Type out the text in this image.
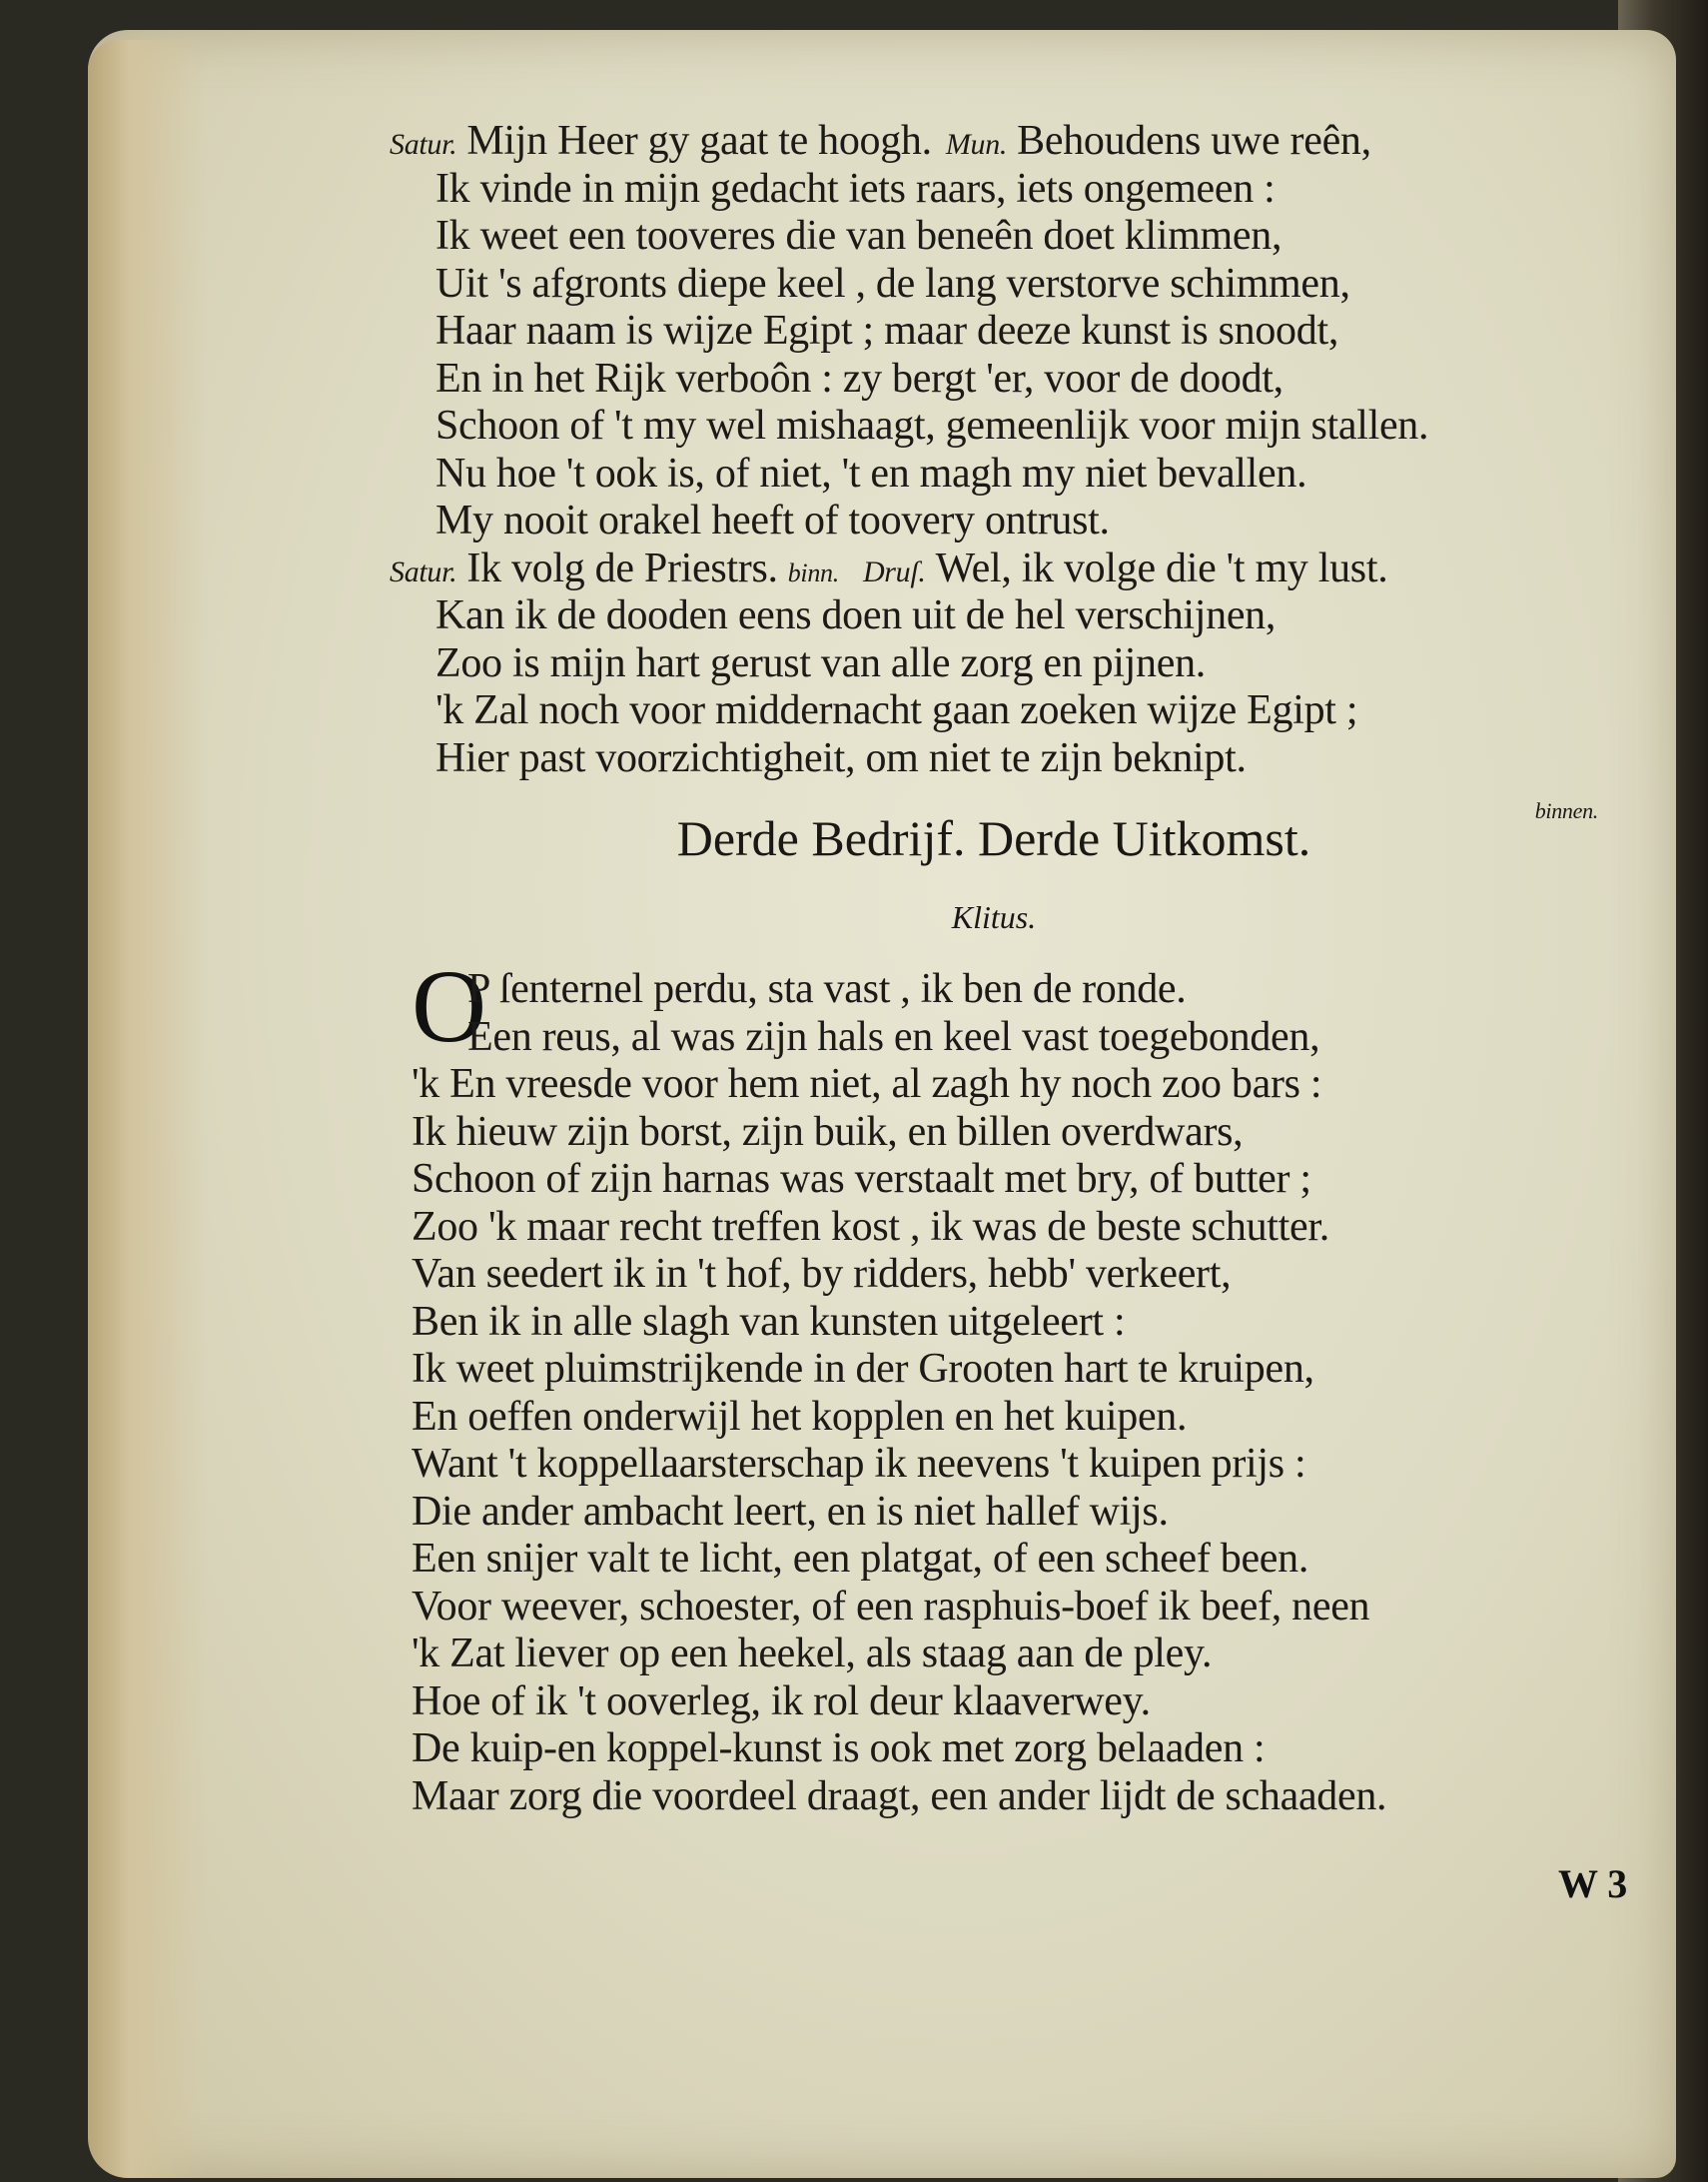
Satur. Mijn Heer gy gaat te hoogh. Mun. Behoudens uwe reên,
Ik vinde in mijn gedacht iets raars, iets ongemeen :
Ik weet een tooveres die van beneên doet klimmen,
Uit 's afgronts diepe keel , de lang verstorve schimmen,
Haar naam is wijze Egipt ; maar deeze kunst is snoodt,
En in het Rijk verboôn : zy bergt 'er, voor de doodt,
Schoon of 't my wel mishaagt, gemeenlijk voor mijn stallen.
Nu hoe 't ook is, of niet, 't en magh my niet bevallen.
My nooit orakel heeft of toovery ontrust.
Satur. Ik volg de Priestrs. binn. Druſ. Wel, ik volge die 't my lust.
Kan ik de dooden eens doen uit de hel verschijnen,
Zoo is mijn hart gerust van alle zorg en pijnen.
'k Zal noch voor middernacht gaan zoeken wijze Egipt ;
Hier past voorzichtigheit, om niet te zijn beknipt.
binnen.
Derde Bedrijf. Derde Uitkomst.
Klitus.
O
P ſenternel perdu, sta vast , ik ben de ronde.
Een reus, al was zijn hals en keel vast toegebonden,
'k En vreesde voor hem niet, al zagh hy noch zoo bars :
Ik hieuw zijn borst, zijn buik, en billen overdwars,
Schoon of zijn harnas was verstaalt met bry, of butter ;
Zoo 'k maar recht treffen kost , ik was de beste schutter.
Van seedert ik in 't hof, by ridders, hebb' verkeert,
Ben ik in alle slagh van kunsten uitgeleert :
Ik weet pluimstrijkende in der Grooten hart te kruipen,
En oeffen onderwijl het kopplen en het kuipen.
Want 't koppellaarsterschap ik neevens 't kuipen prijs :
Die ander ambacht leert, en is niet hallef wijs.
Een snijer valt te licht, een platgat, of een scheef been.
Voor weever, schoester, of een rasphuis-boef ik beef, neen
'k Zat liever op een heekel, als staag aan de pley.
Hoe of ik 't ooverleg, ik rol deur klaaverwey.
De kuip-en koppel-kunst is ook met zorg belaaden :
Maar zorg die voordeel draagt, een ander lijdt de schaaden.
W 3
